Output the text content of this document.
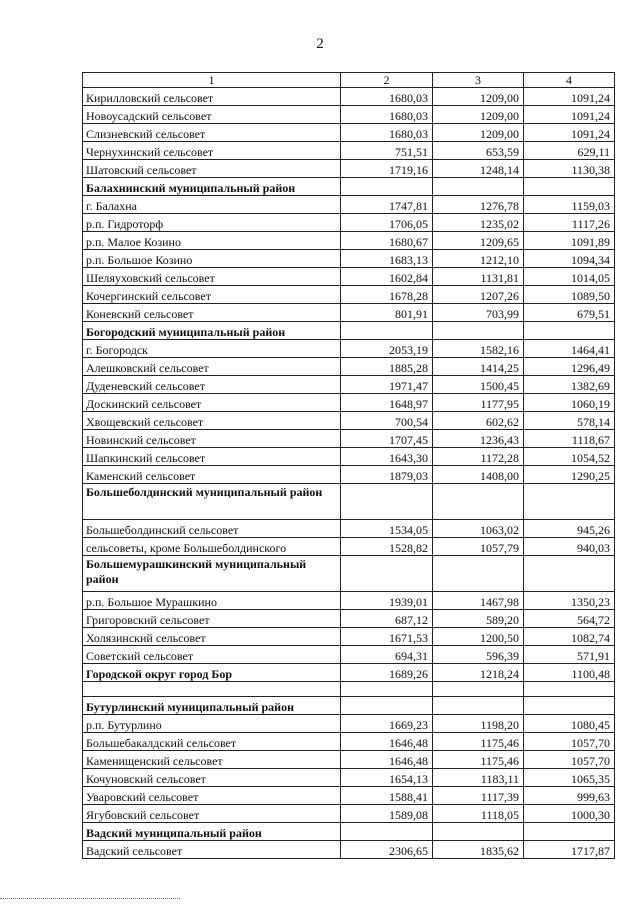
2
1	2	3	4
Кирилловский сельсовет	1680,03	1209,00	1091,24
Новоусадский сельсовет	1680,03	1209,00	1091,24
Слизневский сельсовет	1680,03	1209,00	1091,24
Чернухинский сельсовет	751,51	653,59	629,11
Шатовский сельсовет	1719,16	1248,14	1130,38
Балахнинский муниципальный район			
г. Балахна	1747,81	1276,78	1159,03
р.п. Гидроторф	1706,05	1235,02	1117,26
р.п. Малое Козино	1680,67	1209,65	1091,89
р.п. Большое Козино	1683,13	1212,10	1094,34
Шеляуховский сельсовет	1602,84	1131,81	1014,05
Кочергинский сельсовет	1678,28	1207,26	1089,50
Коневский сельсовет	801,91	703,99	679,51
Богородский муниципальный район			
г. Богородск	2053,19	1582,16	1464,41
Алешковский сельсовет	1885,28	1414,25	1296,49
Дуденевский сельсовет	1971,47	1500,45	1382,69
Доскинский сельсовет	1648,97	1177,95	1060,19
Хвощевский сельсовет	700,54	602,62	578,14
Новинский сельсовет	1707,45	1236,43	1118,67
Шапкинский сельсовет	1643,30	1172,28	1054,52
Каменский сельсовет	1879,03	1408,00	1290,25
Большеболдинский муниципальный район			
Большеболдинский сельсовет	1534,05	1063,02	945,26
сельсоветы, кроме Большеболдинского	1528,82	1057,79	940,03
Большемурашкинский муниципальный район			
р.п. Большое Мурашкино	1939,01	1467,98	1350,23
Григоровский сельсовет	687,12	589,20	564,72
Холязинский сельсовет	1671,53	1200,50	1082,74
Советский сельсовет	694,31	596,39	571,91
Городской округ город Бор	1689,26	1218,24	1100,48

Бутурлинский муниципальный район			
р.п. Бутурлино	1669,23	1198,20	1080,45
Большебакалдский сельсовет	1646,48	1175,46	1057,70
Каменищенский сельсовет	1646,48	1175,46	1057,70
Кочуновский сельсовет	1654,13	1183,11	1065,35
Уваровский сельсовет	1588,41	1117,39	999,63
Ягубовский сельсовет	1589,08	1118,05	1000,30
Вадский муниципальный район			
Вадский сельсовет	2306,65	1835,62	1717,87
